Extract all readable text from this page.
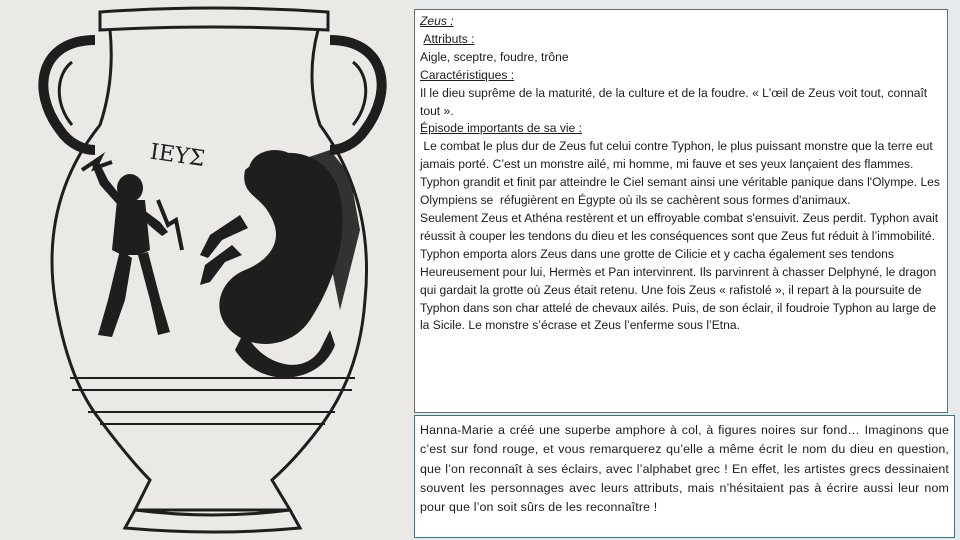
IEYΣ

Zeus :

Attributs :

Aigle, sceptre, foudre, trône

Caractéristiques :

Il le dieu suprême de la maturité, de la culture et de la foudre. « L'œil de Zeus voit tout, connaît tout ».

Épisode importants de sa vie :

Le combat le plus dur de Zeus fut celui contre Typhon, le plus puissant monstre que la terre eut jamais porté. C’est un monstre ailé, mi homme, mi fauve et ses yeux lançaient des flammes.

Typhon grandit et finit par atteindre le Ciel semant ainsi une véritable panique dans l'Olympe. Les Olympiens se  réfugièrent en Égypte où ils se cachèrent sous formes d'animaux.

Seulement Zeus et Athéna restèrent et un effroyable combat s'ensuivit. Zeus perdit. Typhon avait réussit à couper les tendons du dieu et les conséquences sont que Zeus fut réduit à l’immobilité. Typhon emporta alors Zeus dans une grotte de Cilicie et y cacha également ses tendons

Heureusement pour lui, Hermès et Pan intervinrent. Ils parvinrent à chasser Delphyné, le dragon qui gardait la grotte où Zeus était retenu. Une fois Zeus « rafistolé », il repart à la poursuite de Typhon dans son char attelé de chevaux ailés. Puis, de son éclair, il foudroie Typhon au large de la Sicile. Le monstre s’écrase et Zeus l’enferme sous l’Etna.

Hanna-Marie a créé une superbe amphore à col, à figures noires sur fond… Imaginons que c’est sur fond rouge, et vous remarquerez qu’elle a même écrit le nom du dieu en question, que l’on reconnaît à ses éclairs, avec l’alphabet grec ! En effet, les artistes grecs dessinaient souvent les personnages avec leurs attributs, mais n’hésitaient pas à écrire aussi leur nom pour que l’on soit sûrs de les reconnaître !
